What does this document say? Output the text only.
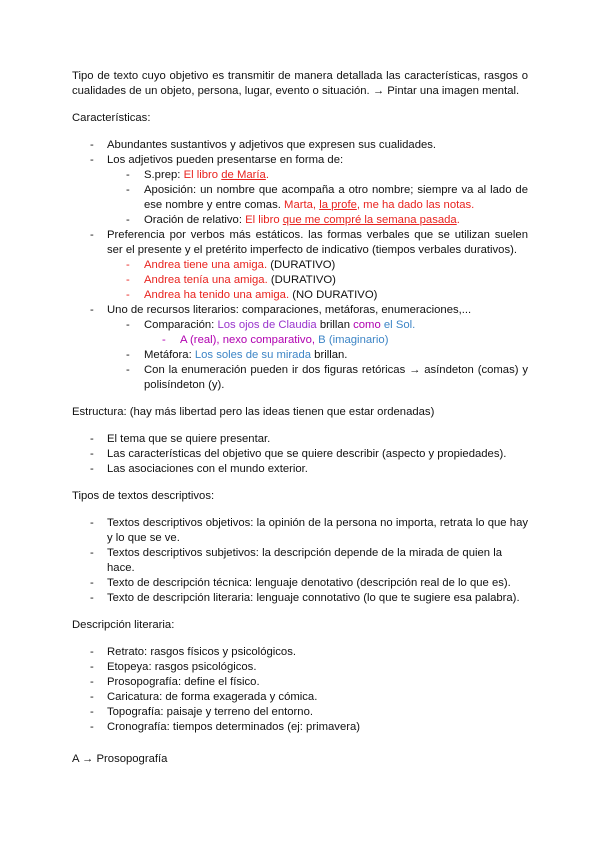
Tipo de texto cuyo objetivo es transmitir de manera detallada las características, rasgos o cualidades de un objeto, persona, lugar, evento o situación. → Pintar una imagen mental.

Características:

- Abundantes sustantivos y adjetivos que expresen sus cualidades.
- Los adjetivos pueden presentarse en forma de:
- S.prep: El libro de María.
- Aposición: un nombre que acompaña a otro nombre; siempre va al lado de ese nombre y entre comas. Marta, la profe, me ha dado las notas.
- Oración de relativo: El libro que me compré la semana pasada.
- Preferencia por verbos más estáticos. las formas verbales que se utilizan suelen ser el presente y el pretérito imperfecto de indicativo (tiempos verbales durativos).
- Andrea tiene una amiga. (DURATIVO)
- Andrea tenía una amiga. (DURATIVO)
- Andrea ha tenido una amiga. (NO DURATIVO)
- Uno de recursos literarios: comparaciones, metáforas, enumeraciones,...
- Comparación: Los ojos de Claudia brillan como el Sol.
- A (real), nexo comparativo, B (imaginario)
- Metáfora: Los soles de su mirada brillan.
- Con la enumeración pueden ir dos figuras retóricas → asíndeton (comas) y polisíndeton (y).

Estructura: (hay más libertad pero las ideas tienen que estar ordenadas)

- El tema que se quiere presentar.
- Las características del objetivo que se quiere describir (aspecto y propiedades).
- Las asociaciones con el mundo exterior.

Tipos de textos descriptivos:

- Textos descriptivos objetivos: la opinión de la persona no importa, retrata lo que hay y lo que se ve.
- Textos descriptivos subjetivos: la descripción depende de la mirada de quien la hace.
- Texto de descripción técnica: lenguaje denotativo (descripción real de lo que es).
- Texto de descripción literaria: lenguaje connotativo (lo que te sugiere esa palabra).

Descripción literaria:

- Retrato: rasgos físicos y psicológicos.
- Etopeya: rasgos psicológicos.
- Prosopografía: define el físico.
- Caricatura: de forma exagerada y cómica.
- Topografía: paisaje y terreno del entorno.
- Cronografía: tiempos determinados (ej: primavera)

A → Prosopografía
